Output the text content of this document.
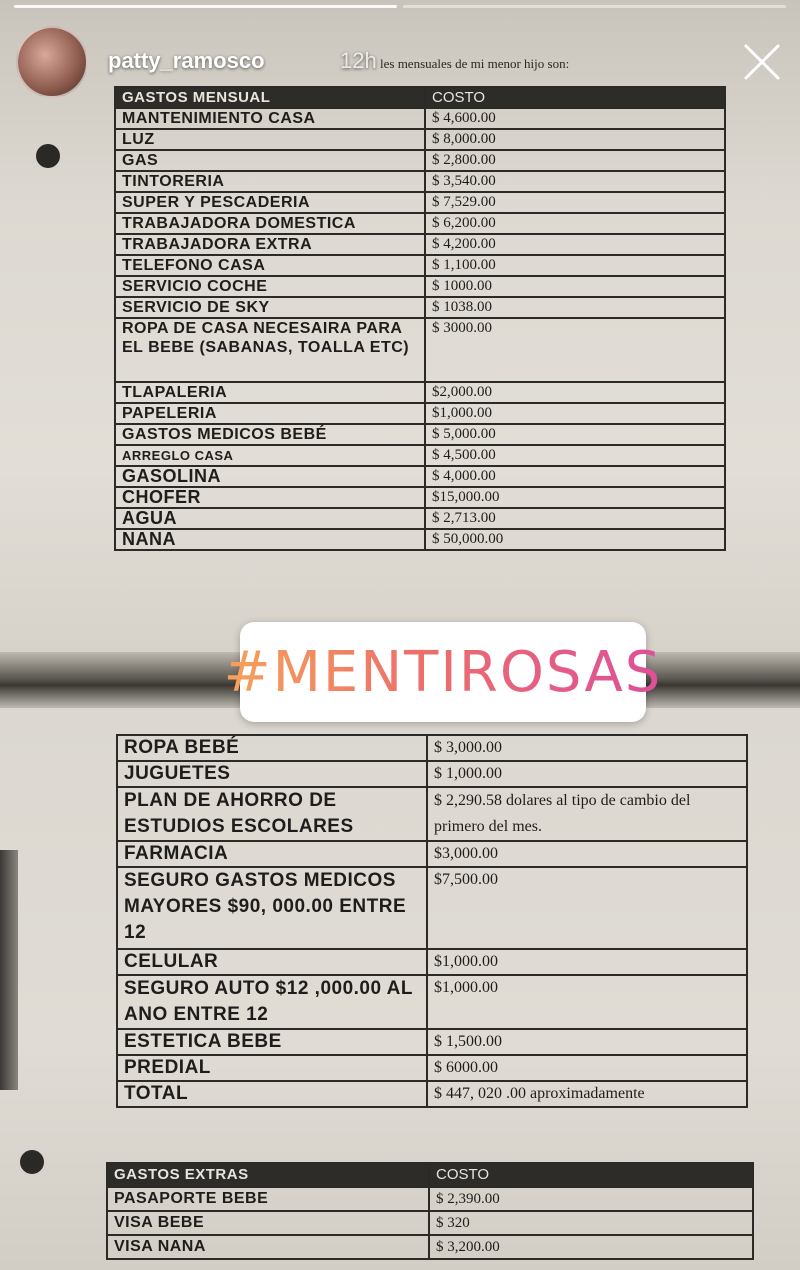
les mensuales de mi menor hijo son:
GASTOS MENSUAL	COSTO
MANTENIMIENTO CASA	$ 4,600.00
LUZ	$ 8,000.00
GAS	$ 2,800.00
TINTORERIA	$ 3,540.00
SUPER Y PESCADERIA	$ 7,529.00
TRABAJADORA DOMESTICA	$ 6,200.00
TRABAJADORA EXTRA	$ 4,200.00
TELEFONO CASA	$ 1,100.00
SERVICIO COCHE	$ 1000.00
SERVICIO DE SKY	$ 1038.00
ROPA DE CASA NECESAIRA PARA EL BEBE (SABANAS, TOALLA ETC)	$ 3000.00
TLAPALERIA	$2,000.00
PAPELERIA	$1,000.00
GASTOS MEDICOS BEBÉ	$ 5,000.00
ARREGLO CASA	$ 4,500.00
GASOLINA	$ 4,000.00
CHOFER	$15,000.00
AGUA	$ 2,713.00
NANA	$ 50,000.00
ROPA BEBÉ	$ 3,000.00
JUGUETES	$ 1,000.00
PLAN DE AHORRO DE ESTUDIOS ESCOLARES	$ 2,290.58 dolares al tipo de cambio del primero del mes.
FARMACIA	$3,000.00
SEGURO GASTOS MEDICOS MAYORES $90, 000.00 ENTRE 12	$7,500.00
CELULAR	$1,000.00
SEGURO AUTO $12 ,000.00 AL ANO ENTRE 12	$1,000.00
ESTETICA BEBE	$ 1,500.00
PREDIAL	$ 6000.00
TOTAL	$ 447, 020 .00 aproximadamente
GASTOS EXTRAS	COSTO
PASAPORTE BEBE	$ 2,390.00
VISA BEBE	$ 320
VISA NANA	$ 3,200.00
#MENTIROSAS
patty_ramosco	12h
